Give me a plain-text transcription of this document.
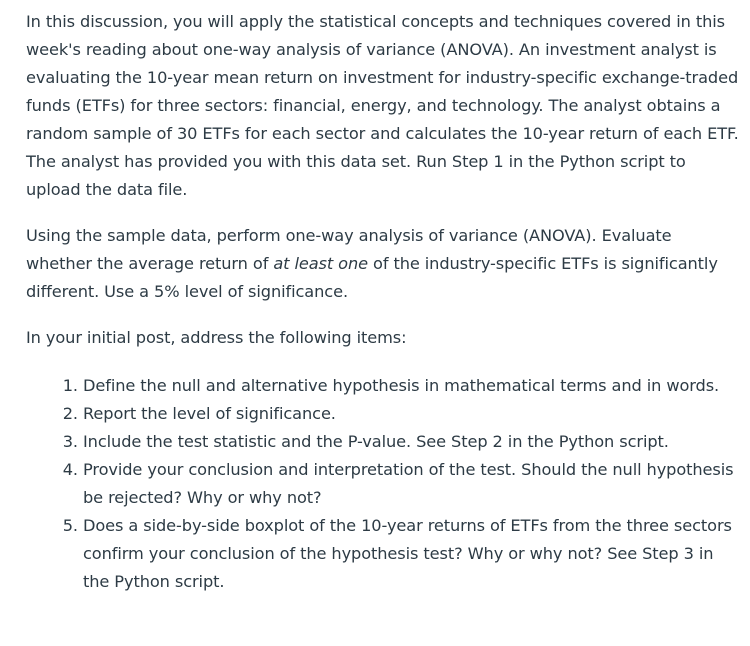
In this discussion, you will apply the statistical concepts and techniques covered in this week's reading about one-way analysis of variance (ANOVA). An investment analyst is evaluating the 10-year mean return on investment for industry-specific exchange-traded funds (ETFs) for three sectors: financial, energy, and technology. The analyst obtains a random sample of 30 ETFs for each sector and calculates the 10-year return of each ETF. The analyst has provided you with this data set. Run Step 1 in the Python script to upload the data file.

Using the sample data, perform one-way analysis of variance (ANOVA). Evaluate whether the average return of at least one of the industry-specific ETFs is significantly different. Use a 5% level of significance.

In your initial post, address the following items:

1. Define the null and alternative hypothesis in mathematical terms and in words.
2. Report the level of significance.
3. Include the test statistic and the P-value. See Step 2 in the Python script.
4. Provide your conclusion and interpretation of the test. Should the null hypothesis be rejected? Why or why not?
5. Does a side-by-side boxplot of the 10-year returns of ETFs from the three sectors confirm your conclusion of the hypothesis test? Why or why not? See Step 3 in the Python script.
